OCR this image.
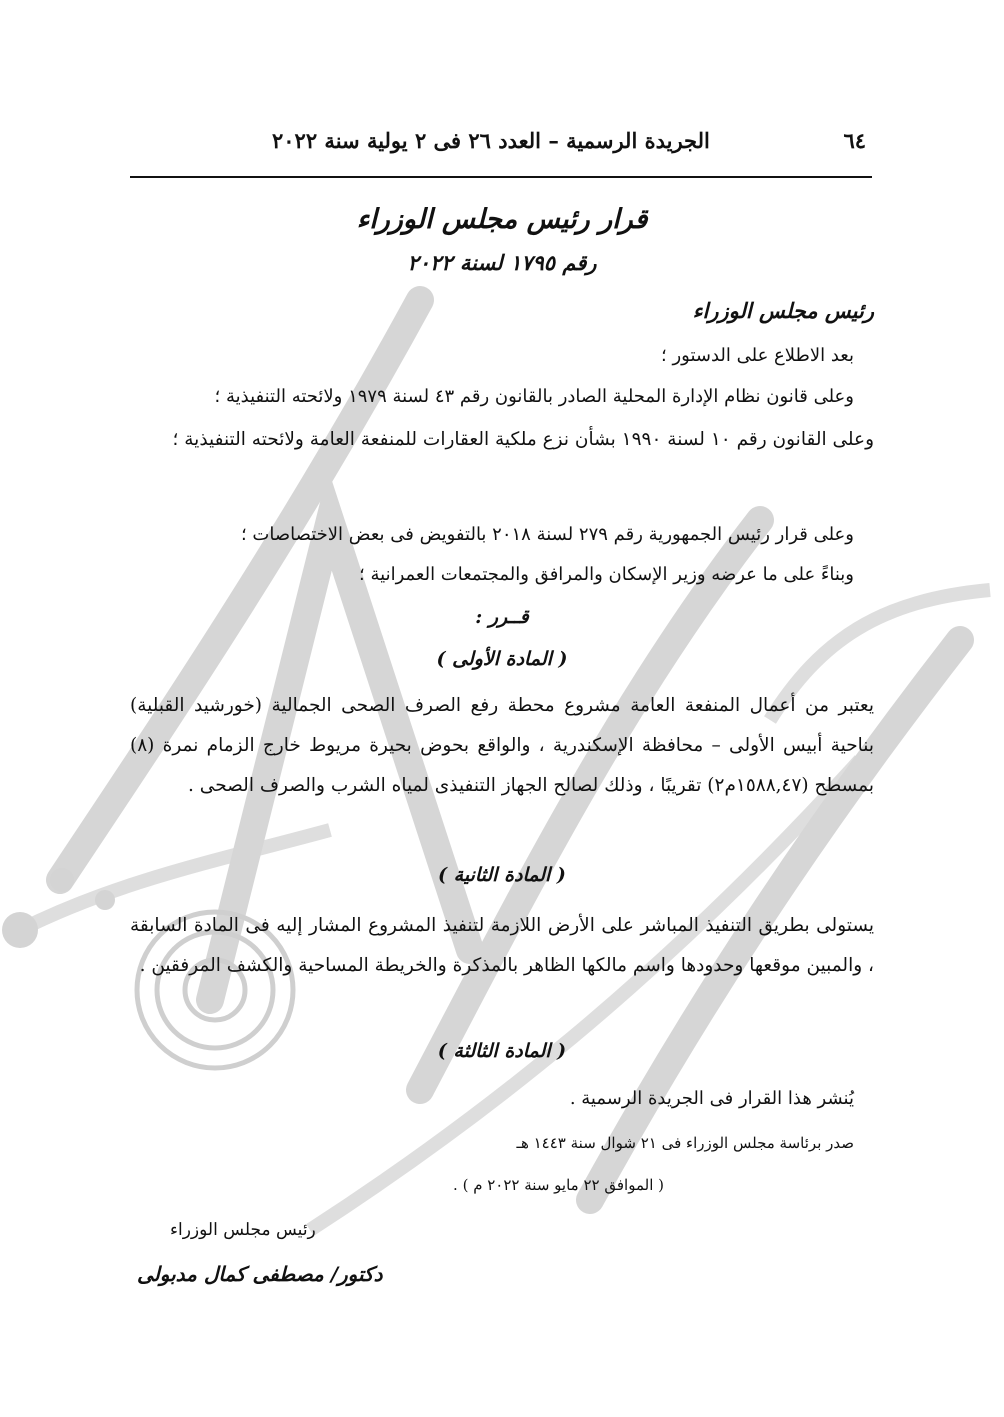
٦٤
الجريدة الرسمية – العدد ٢٦ فى ٢ يولية سنة ٢٠٢٢
قرار رئيس مجلس الوزراء
رقم ١٧٩٥ لسنة ٢٠٢٢
رئيس مجلس الوزراء
بعد الاطلاع على الدستور ؛
وعلى قانون نظام الإدارة المحلية الصادر بالقانون رقم ٤٣ لسنة ١٩٧٩ ولائحته التنفيذية ؛
وعلى القانون رقم ١٠ لسنة ١٩٩٠ بشأن نزع ملكية العقارات للمنفعة العامة ولائحته التنفيذية ؛
وعلى قرار رئيس الجمهورية رقم ٢٧٩ لسنة ٢٠١٨ بالتفويض فى بعض الاختصاصات ؛
وبناءً على ما عرضه وزير الإسكان والمرافق والمجتمعات العمرانية ؛
قــرر :
( المادة الأولى )
يعتبر من أعمال المنفعة العامة مشروع محطة رفع الصرف الصحى الجمالية (خورشيد القبلية) بناحية أبيس الأولى – محافظة الإسكندرية ، والواقع بحوض بحيرة مريوط خارج الزمام نمرة (٨) بمسطح (١٥٨٨,٤٧م٢) تقريبًا ، وذلك لصالح الجهاز التنفيذى لمياه الشرب والصرف الصحى .
( المادة الثانية )
يستولى بطريق التنفيذ المباشر على الأرض اللازمة لتنفيذ المشروع المشار إليه فى المادة السابقة ، والمبين موقعها وحدودها واسم مالكها الظاهر بالمذكرة والخريطة المساحية والكشف المرفقين .
( المادة الثالثة )
يُنشر هذا القرار فى الجريدة الرسمية .
صدر برئاسة مجلس الوزراء فى ٢١ شوال سنة ١٤٤٣ هـ
( الموافق ٢٢ مايو سنة ٢٠٢٢ م ) .
رئيس مجلس الوزراء
دكتور/ مصطفى كمال مدبولى
